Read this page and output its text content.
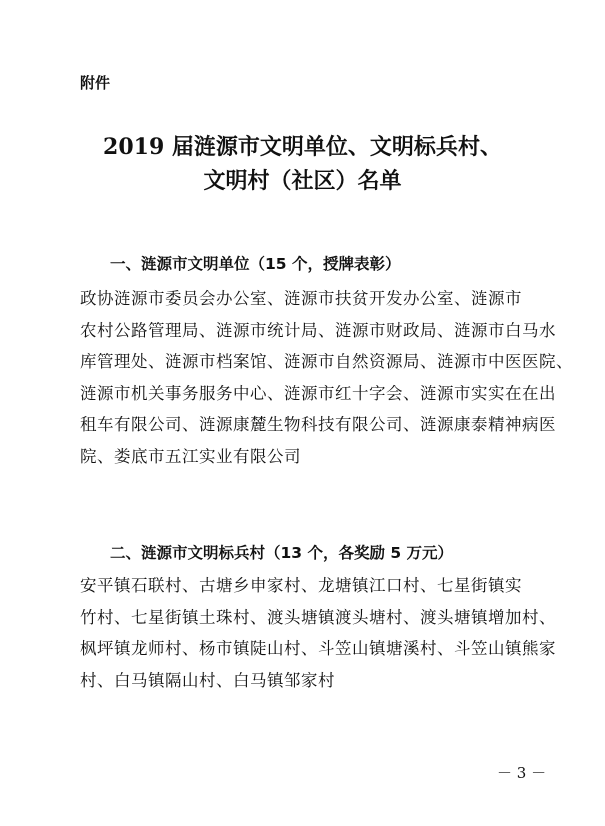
附件
2019 届涟源市文明单位、文明标兵村、
文明村（社区）名单
一、涟源市文明单位（15 个，授牌表彰）
政协涟源市委员会办公室、涟源市扶贫开发办公室、涟源市
农村公路管理局、涟源市统计局、涟源市财政局、涟源市白马水
库管理处、涟源市档案馆、涟源市自然资源局、涟源市中医医院、
涟源市机关事务服务中心、涟源市红十字会、涟源市实实在在出
租车有限公司、涟源康麓生物科技有限公司、涟源康泰精神病医
院、娄底市五江实业有限公司
二、涟源市文明标兵村（13 个，各奖励 5 万元）
安平镇石联村、古塘乡申家村、龙塘镇江口村、七星街镇实
竹村、七星街镇土珠村、渡头塘镇渡头塘村、渡头塘镇增加村、
枫坪镇龙师村、杨市镇陡山村、斗笠山镇塘溪村、斗笠山镇熊家
村、白马镇隔山村、白马镇邹家村
－ 3 －
